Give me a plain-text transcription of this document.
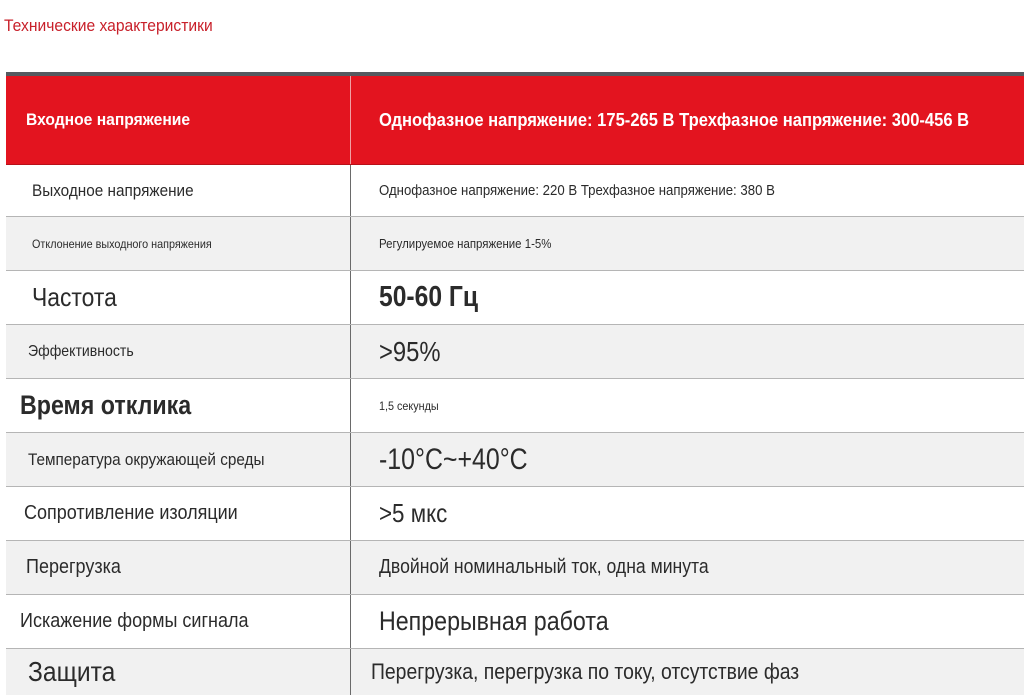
Технические характеристики
Входное напряжение	Однофазное напряжение: 175-265 В Трехфазное напряжение: 300-456 В
Выходное напряжение	Однофазное напряжение: 220 В Трехфазное напряжение: 380 В
Отклонение выходного напряжения	Регулируемое напряжение 1-5%
Частота	50-60 Гц
Эффективность	>95%
Время отклика	1,5 секунды
Температура окружающей среды	-10°C~+40°C
Сопротивление изоляции	>5 мкс
Перегрузка	Двойной номинальный ток, одна минута
Искажение формы сигнала	Непрерывная работа
Защита	Перегрузка, перегрузка по току, отсутствие фаз
